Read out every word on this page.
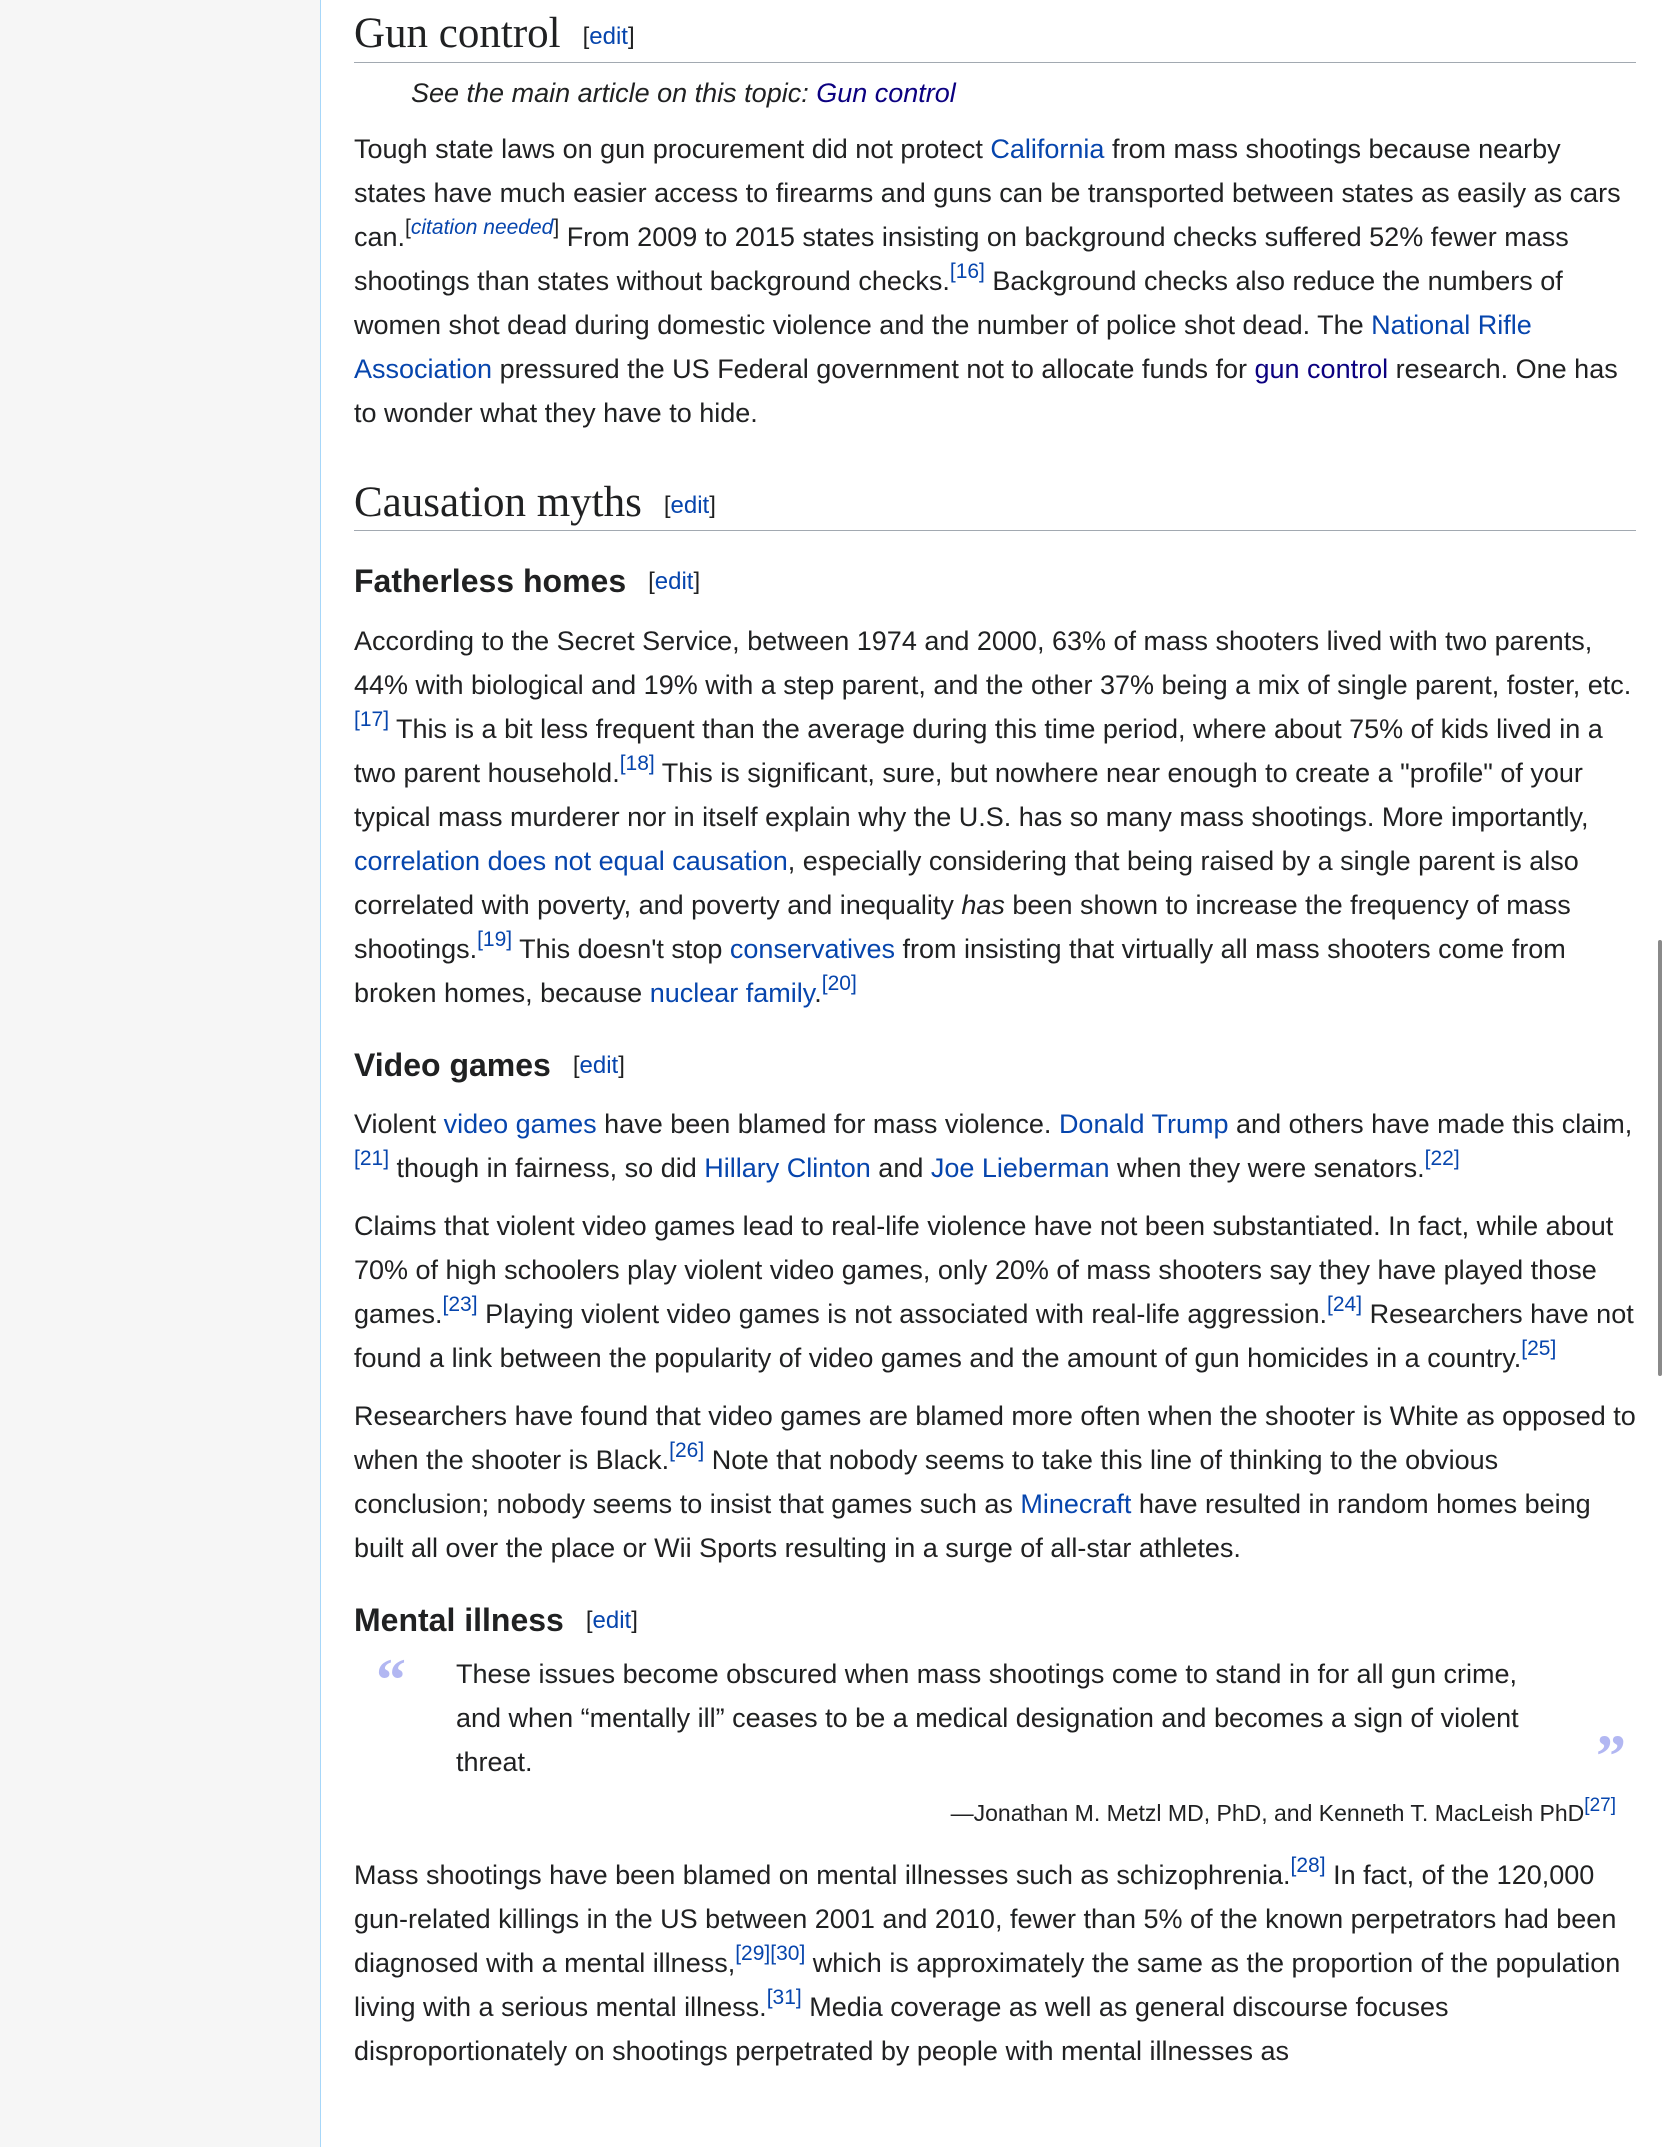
Gun control [edit]
See the main article on this topic: Gun control

Tough state laws on gun procurement did not protect California from mass shootings because nearby states have much easier access to firearms and guns can be transported between states as easily as cars can.[citation needed] From 2009 to 2015 states insisting on background checks suffered 52% fewer mass shootings than states without background checks.[16] Background checks also reduce the numbers of women shot dead during domestic violence and the number of police shot dead. The National Rifle Association pressured the US Federal government not to allocate funds for gun control research. One has to wonder what they have to hide.

Causation myths [edit]
Fatherless homes [edit]

According to the Secret Service, between 1974 and 2000, 63% of mass shooters lived with two parents, 44% with biological and 19% with a step parent, and the other 37% being a mix of single parent, foster, etc.[17] This is a bit less frequent than the average during this time period, where about 75% of kids lived in a two parent household.[18] This is significant, sure, but nowhere near enough to create a "profile" of your typical mass murderer nor in itself explain why the U.S. has so many mass shootings. More importantly, correlation does not equal causation, especially considering that being raised by a single parent is also correlated with poverty, and poverty and inequality has been shown to increase the frequency of mass shootings.[19] This doesn't stop conservatives from insisting that virtually all mass shooters come from broken homes, because nuclear family.[20]

Video games [edit]

Violent video games have been blamed for mass violence. Donald Trump and others have made this claim,[21] though in fairness, so did Hillary Clinton and Joe Lieberman when they were senators.[22]

Claims that violent video games lead to real-life violence have not been substantiated. In fact, while about 70% of high schoolers play violent video games, only 20% of mass shooters say they have played those games.[23] Playing violent video games is not associated with real-life aggression.[24] Researchers have not found a link between the popularity of video games and the amount of gun homicides in a country.[25]

Researchers have found that video games are blamed more often when the shooter is White as opposed to when the shooter is Black.[26] Note that nobody seems to take this line of thinking to the obvious conclusion; nobody seems to insist that games such as Minecraft have resulted in random homes being built all over the place or Wii Sports resulting in a surge of all-star athletes.

Mental illness [edit]
“	These issues become obscured when mass shootings come to stand in for all gun crime, and when “mentally ill” ceases to be a medical designation and becomes a sign of violent threat.	”
—Jonathan M. Metzl MD, PhD, and Kenneth T. MacLeish PhD[27]

Mass shootings have been blamed on mental illnesses such as schizophrenia.[28] In fact, of the 120,000 gun-related killings in the US between 2001 and 2010, fewer than 5% of the known perpetrators had been diagnosed with a mental illness,[29][30] which is approximately the same as the proportion of the population living with a serious mental illness.[31] Media coverage as well as general discourse focuses disproportionately on shootings perpetrated by people with mental illnesses as
